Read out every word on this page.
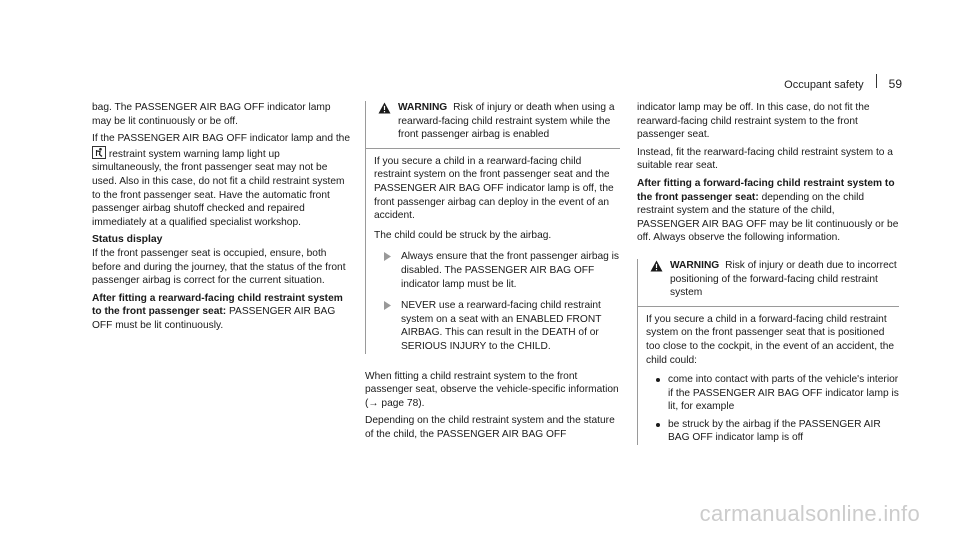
Occupant safety 59

bag. The PASSENGER AIR BAG OFF indicator lamp may be lit continuously or be off.

If the PASSENGER AIR BAG OFF indicator lamp and the
restraint system warning lamp light up simultaneously, the front passenger seat may not be used. Also in this case, do not fit a child restraint system to the front passenger seat. Have the automatic front passenger airbag shutoff checked and repaired immediately at a qualified specialist workshop.

Status display

If the front passenger seat is occupied, ensure, both before and during the journey, that the status of the front passenger airbag is correct for the current situation.

After fitting a rearward-facing child restraint system to the front passenger seat: PASSENGER AIR BAG OFF must be lit continuously.

WARNING Risk of injury or death when using a rearward-facing child restraint system while the front passenger airbag is enabled

If you secure a child in a rearward-facing child restraint system on the front passenger seat and the PASSENGER AIR BAG OFF indicator lamp is off, the front passenger airbag can deploy in the event of an accident.

The child could be struck by the airbag.

Always ensure that the front passenger airbag is disabled. The PASSENGER AIR BAG OFF indicator lamp must be lit.
NEVER use a rearward-facing child restraint system on a seat with an ENABLED FRONT AIRBAG. This can result in the DEATH of or SERIOUS INJURY to the CHILD.

When fitting a child restraint system to the front passenger seat, observe the vehicle-specific information (→ page 78).

Depending on the child restraint system and the stature of the child, the PASSENGER AIR BAG OFF

indicator lamp may be off. In this case, do not fit the rearward-facing child restraint system to the front passenger seat.

Instead, fit the rearward-facing child restraint system to a suitable rear seat.

After fitting a forward-facing child restraint system to the front passenger seat: depending on the child restraint system and the stature of the child, PASSENGER AIR BAG OFF may be lit continuously or be off. Always observe the following information.

WARNING Risk of injury or death due to incorrect positioning of the forward-facing child restraint system

If you secure a child in a forward-facing child restraint system on the front passenger seat that is positioned too close to the cockpit, in the event of an accident, the child could:

come into contact with parts of the vehicle's interior if the PASSENGER AIR BAG OFF indicator lamp is lit, for example
be struck by the airbag if the PASSENGER AIR BAG OFF indicator lamp is off
carmanualsonline.info
